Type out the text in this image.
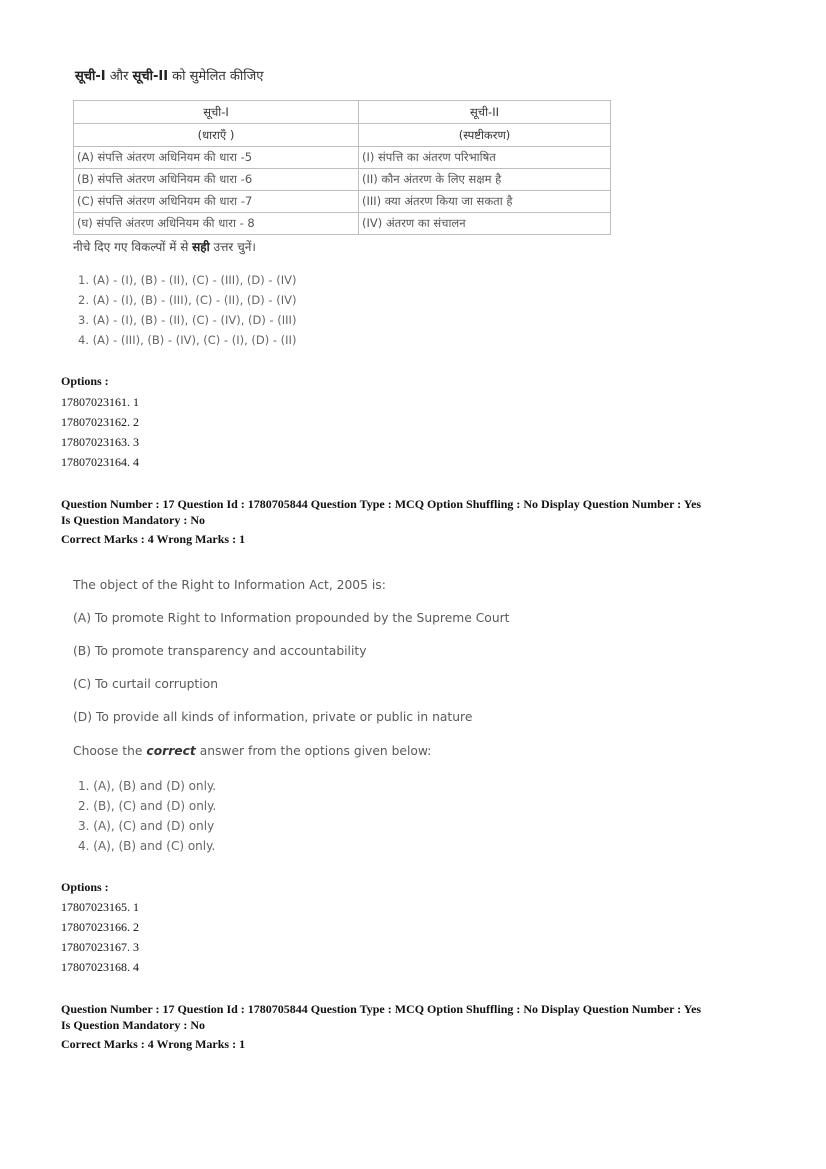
सूची-I और सूची-II को सुमेलित कीजिए
सूची-I	सूची-II
(धाराएँ )	(स्पष्टीकरण)
(A) संपत्ति अंतरण अधिनियम की धारा -5	(I) संपत्ति का अंतरण परिभाषित
(B) संपत्ति अंतरण अधिनियम की धारा -6	(II) कौन अंतरण के लिए सक्षम है
(C) संपत्ति अंतरण अधिनियम की धारा -7	(III) क्या अंतरण किया जा सकता है
(घ) संपत्ति अंतरण अधिनियम की धारा - 8	(IV) अंतरण का संचालन
नीचे दिए गए विकल्पों में से सही उत्तर चुनें।
1. (A) - (I), (B) - (II), (C) - (III), (D) - (IV)
2. (A) - (I), (B) - (III), (C) - (II), (D) - (IV)
3. (A) - (I), (B) - (II), (C) - (IV), (D) - (III)
4. (A) - (III), (B) - (IV), (C) - (I), (D) - (II)
Options :
17807023161. 1
17807023162. 2
17807023163. 3
17807023164. 4
Question Number : 17 Question Id : 1780705844 Question Type : MCQ Option Shuffling : No Display Question Number : Yes
Is Question Mandatory : No
Correct Marks : 4 Wrong Marks : 1
The object of the Right to Information Act, 2005 is:
(A) To promote Right to Information propounded by the Supreme Court
(B) To promote transparency and accountability
(C) To curtail corruption
(D) To provide all kinds of information, private or public in nature
Choose the correct answer from the options given below:
1. (A), (B) and (D) only.
2. (B), (C) and (D) only.
3. (A), (C) and (D) only
4. (A), (B) and (C) only.
Options :
17807023165. 1
17807023166. 2
17807023167. 3
17807023168. 4
Question Number : 17 Question Id : 1780705844 Question Type : MCQ Option Shuffling : No Display Question Number : Yes
Is Question Mandatory : No
Correct Marks : 4 Wrong Marks : 1
